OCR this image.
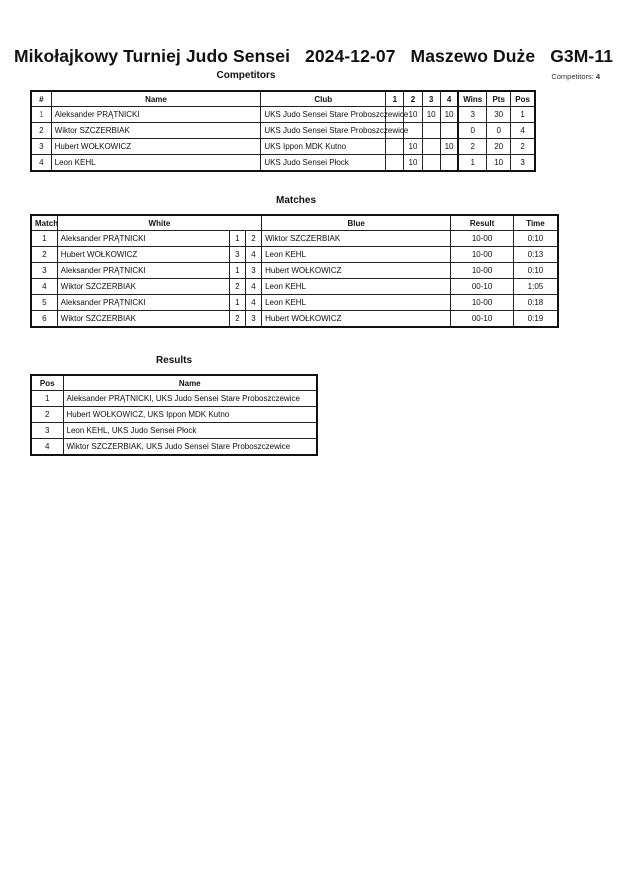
Mikołajkowy Turniej Judo Sensei 2024-12-07 Maszewo Duże G3M-11
Competitors	Competitors: 4
#	Name	Club	1	2	3	4	Wins	Pts	Pos
1	Aleksander PRĄTNICKI	UKS Judo Sensei Stare Proboszczewice		10	10	10	3	30	1
2	Wiktor SZCZERBIAK	UKS Judo Sensei Stare Proboszczewice					0	0	4
3	Hubert WOŁKOWICZ	UKS Ippon MDK Kutno		10		10	2	20	2
4	Leon KEHL	UKS Judo Sensei Płock		10			1	10	3
Matches
Match	White			Blue	Result	Time
1	Aleksander PRĄTNICKI	1	2	Wiktor SZCZERBIAK	10-00	0:10
2	Hubert WOŁKOWICZ	3	4	Leon KEHL	10-00	0:13
3	Aleksander PRĄTNICKI	1	3	Hubert WOŁKOWICZ	10-00	0:10
4	Wiktor SZCZERBIAK	2	4	Leon KEHL	00-10	1:05
5	Aleksander PRĄTNICKI	1	4	Leon KEHL	10-00	0:18
6	Wiktor SZCZERBIAK	2	3	Hubert WOŁKOWICZ	00-10	0:19
Results
Pos	Name
1	Aleksander PRĄTNICKI, UKS Judo Sensei Stare Proboszczewice
2	Hubert WOŁKOWICZ, UKS Ippon MDK Kutno
3	Leon KEHL, UKS Judo Sensei Płock
4	Wiktor SZCZERBIAK, UKS Judo Sensei Stare Proboszczewice
